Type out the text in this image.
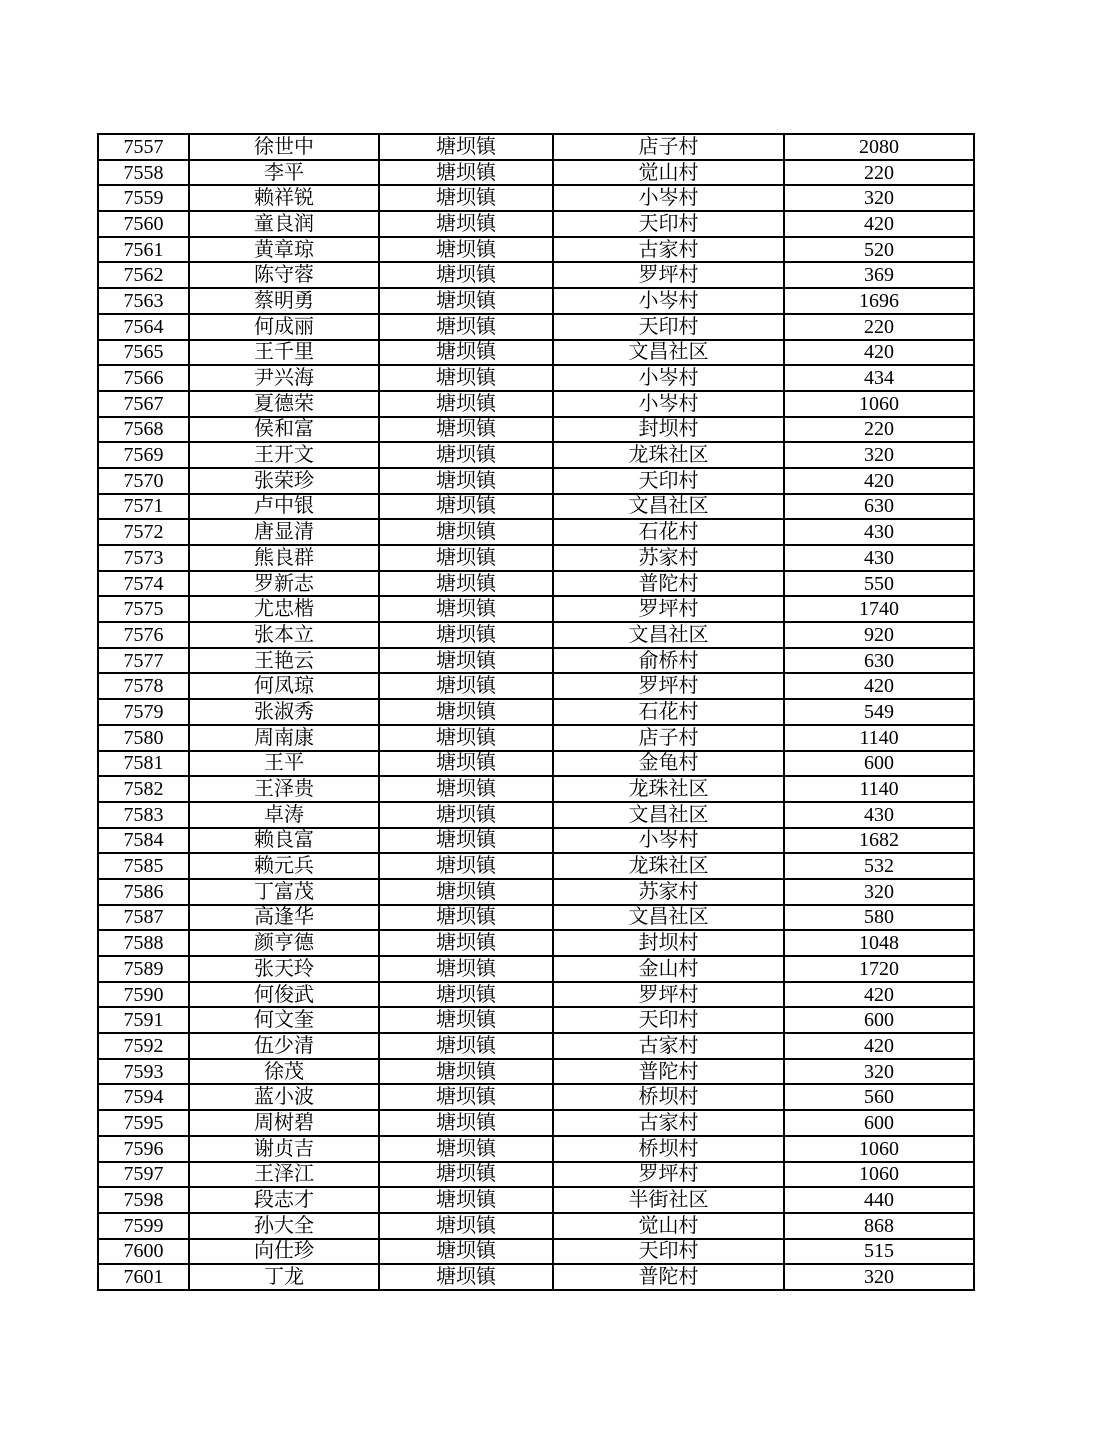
7557	徐世中	塘坝镇	店子村	2080
7558	李平	塘坝镇	觉山村	220
7559	赖祥锐	塘坝镇	小岑村	320
7560	童良润	塘坝镇	天印村	420
7561	黄章琼	塘坝镇	古家村	520
7562	陈守蓉	塘坝镇	罗坪村	369
7563	蔡明勇	塘坝镇	小岑村	1696
7564	何成丽	塘坝镇	天印村	220
7565	王千里	塘坝镇	文昌社区	420
7566	尹兴海	塘坝镇	小岑村	434
7567	夏德荣	塘坝镇	小岑村	1060
7568	侯和富	塘坝镇	封坝村	220
7569	王开文	塘坝镇	龙珠社区	320
7570	张荣珍	塘坝镇	天印村	420
7571	卢中银	塘坝镇	文昌社区	630
7572	唐显清	塘坝镇	石花村	430
7573	熊良群	塘坝镇	苏家村	430
7574	罗新志	塘坝镇	普陀村	550
7575	尤忠楷	塘坝镇	罗坪村	1740
7576	张本立	塘坝镇	文昌社区	920
7577	王艳云	塘坝镇	俞桥村	630
7578	何凤琼	塘坝镇	罗坪村	420
7579	张淑秀	塘坝镇	石花村	549
7580	周南康	塘坝镇	店子村	1140
7581	王平	塘坝镇	金龟村	600
7582	王泽贵	塘坝镇	龙珠社区	1140
7583	卓涛	塘坝镇	文昌社区	430
7584	赖良富	塘坝镇	小岑村	1682
7585	赖元兵	塘坝镇	龙珠社区	532
7586	丁富茂	塘坝镇	苏家村	320
7587	高逢华	塘坝镇	文昌社区	580
7588	颜亨德	塘坝镇	封坝村	1048
7589	张天玲	塘坝镇	金山村	1720
7590	何俊武	塘坝镇	罗坪村	420
7591	何文奎	塘坝镇	天印村	600
7592	伍少清	塘坝镇	古家村	420
7593	徐茂	塘坝镇	普陀村	320
7594	蓝小波	塘坝镇	桥坝村	560
7595	周树碧	塘坝镇	古家村	600
7596	谢贞吉	塘坝镇	桥坝村	1060
7597	王泽江	塘坝镇	罗坪村	1060
7598	段志才	塘坝镇	半街社区	440
7599	孙大全	塘坝镇	觉山村	868
7600	向仕珍	塘坝镇	天印村	515
7601	丁龙	塘坝镇	普陀村	320
